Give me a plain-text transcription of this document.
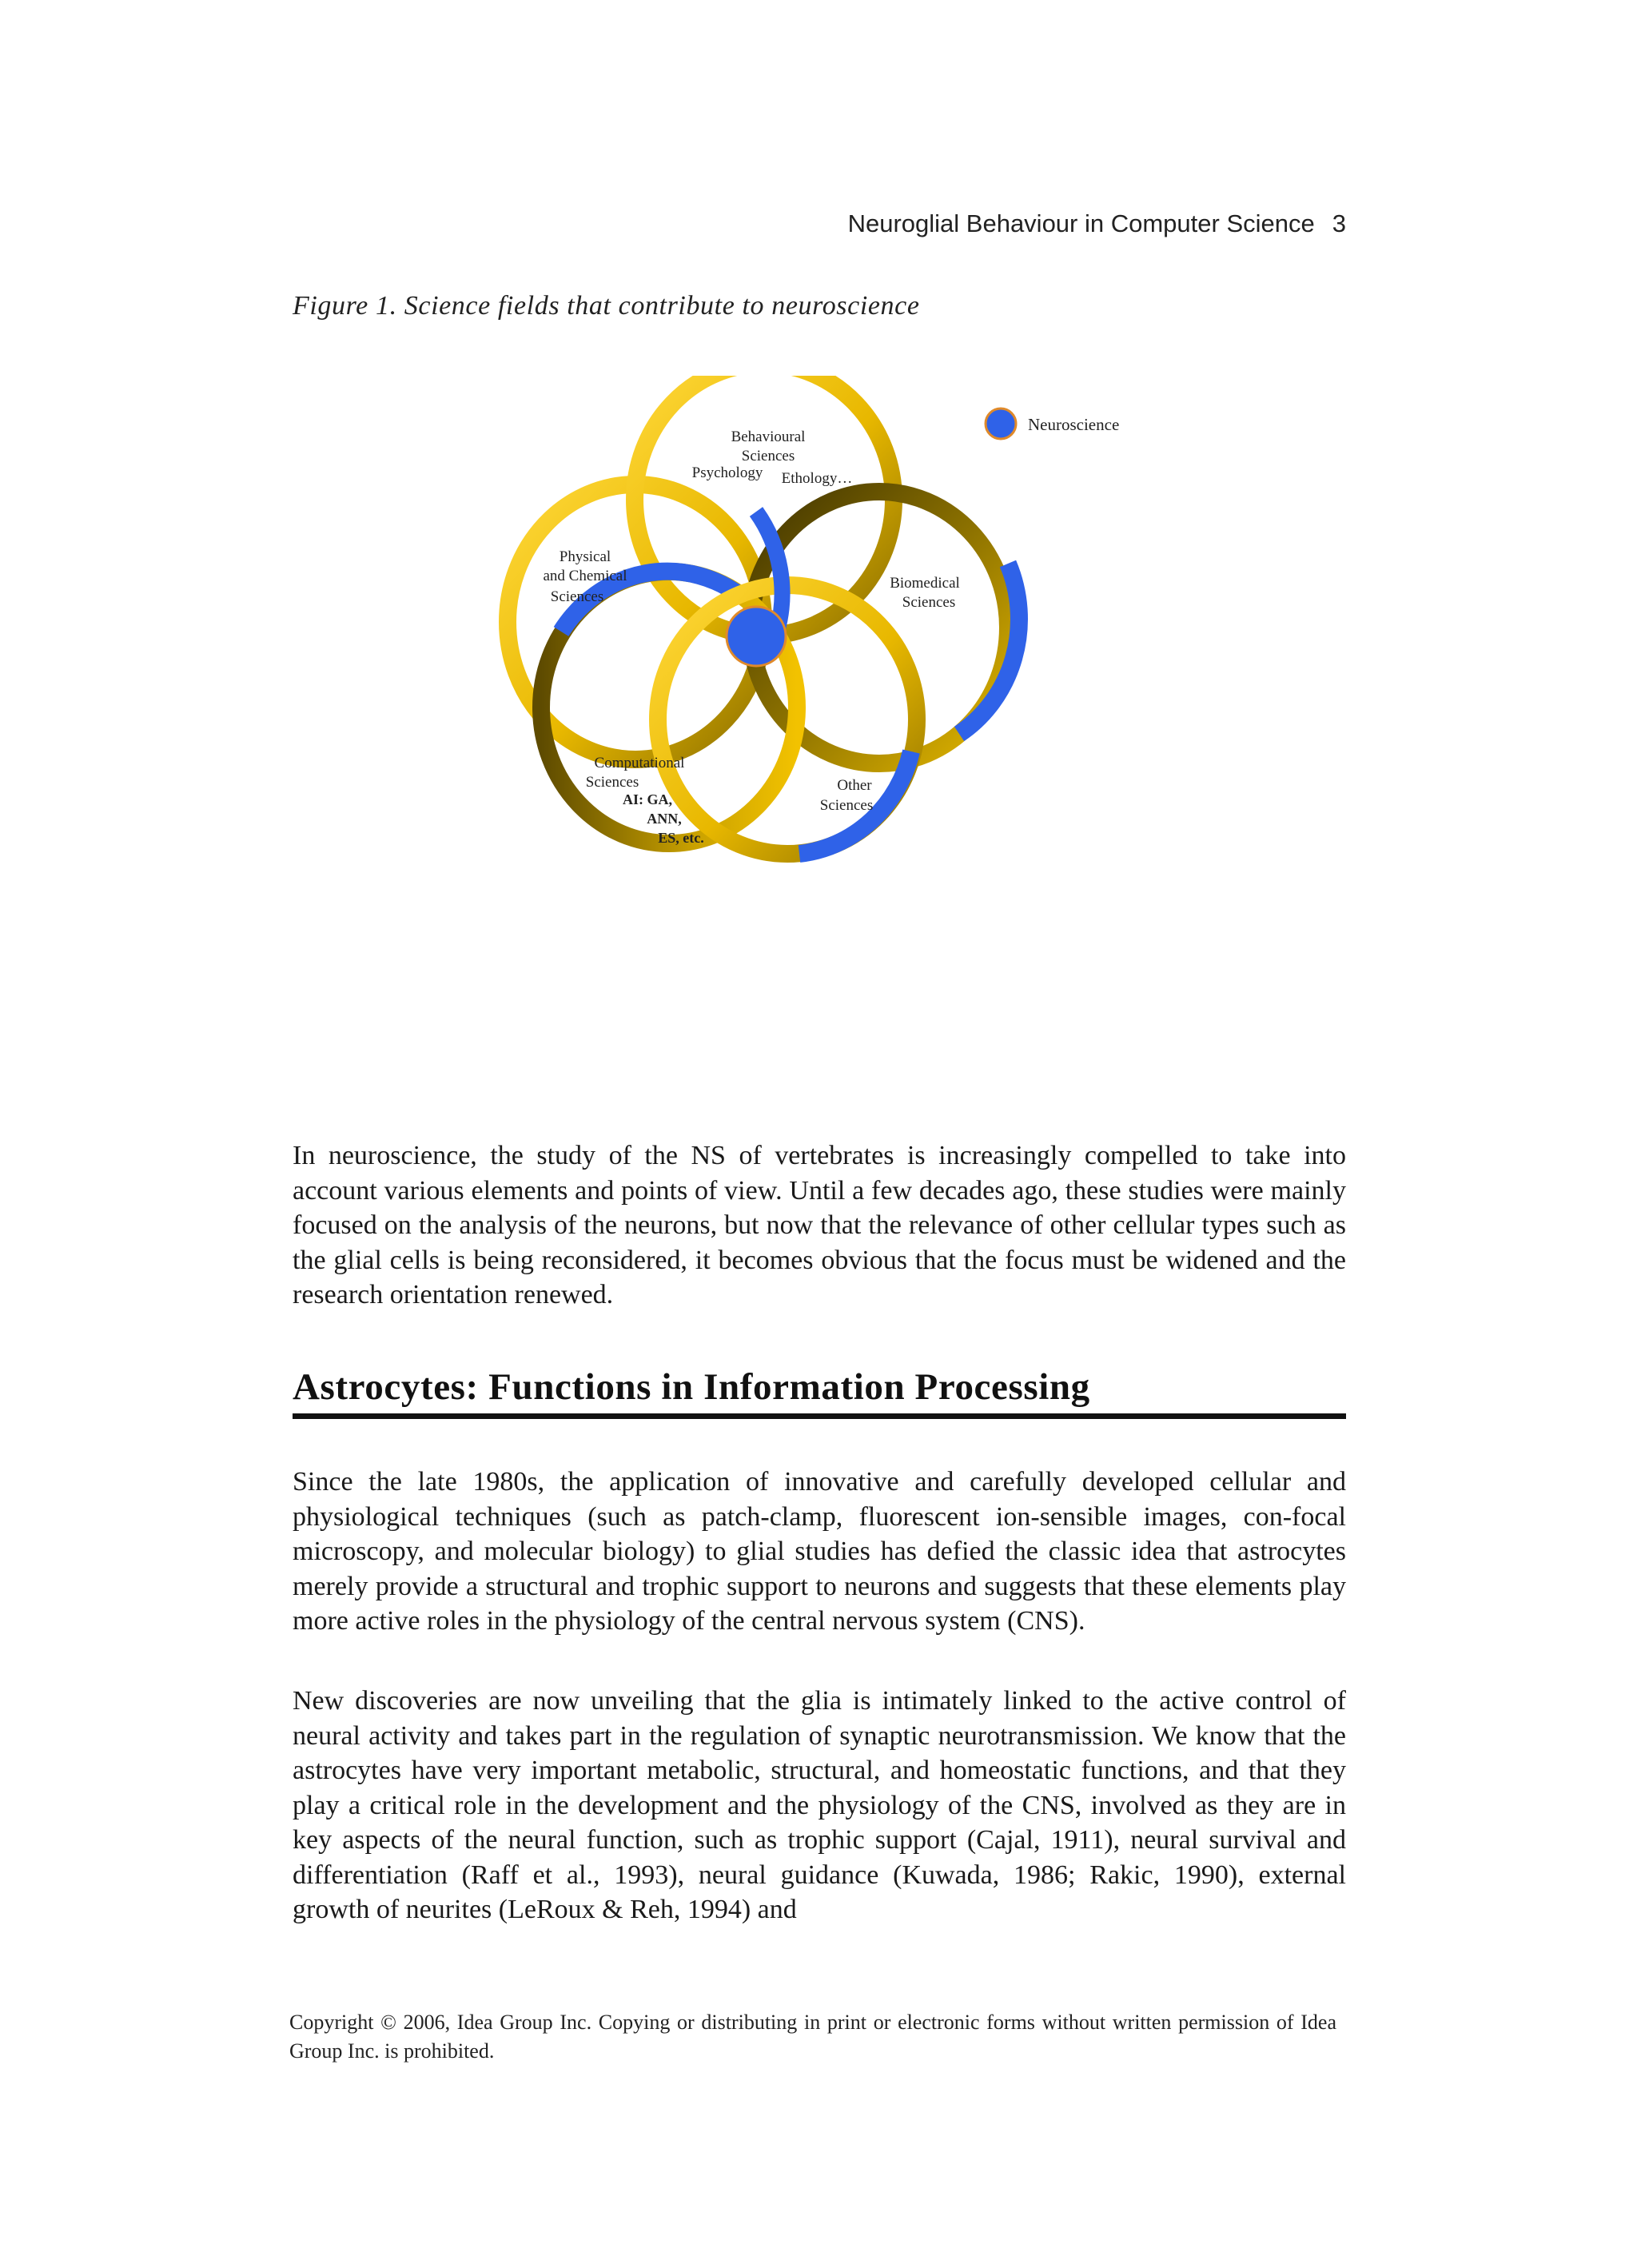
Neuroglial Behaviour in Computer Science 3
Figure 1. Science fields that contribute to neuroscience
Neuroscience
Behavioural
Sciences
Psychology Ethology…
Physical
and Chemical
Sciences
Biomedical
Sciences
Computational
Sciences	Other
Sciences
AI: GA,
ANN,
ES, etc.
In neuroscience, the study of the NS of vertebrates is increasingly compelled to take into account various elements and points of view. Until a few decades ago, these studies were mainly focused on the analysis of the neurons, but now that the relevance of other cellular types such as the glial cells is being reconsidered, it becomes obvious that the focus must be widened and the research orientation renewed.
Astrocytes: Functions in Information Processing
Since the late 1980s, the application of innovative and carefully developed cellular and physiological techniques (such as patch-clamp, fluorescent ion-sensible images, con-focal microscopy, and molecular biology) to glial studies has defied the classic idea that astrocytes merely provide a structural and trophic support to neurons and suggests that these elements play more active roles in the physiology of the central nervous system (CNS).
New discoveries are now unveiling that the glia is intimately linked to the active control of neural activity and takes part in the regulation of synaptic neurotransmission. We know that the astrocytes have very important metabolic, structural, and homeostatic functions, and that they play a critical role in the development and the physiology of the CNS, involved as they are in key aspects of the neural function, such as trophic support (Cajal, 1911), neural survival and differentiation (Raff et al., 1993), neural guidance (Kuwada, 1986; Rakic, 1990), external growth of neurites (LeRoux & Reh, 1994) and
Copyright © 2006, Idea Group Inc. Copying or distributing in print or electronic forms without written permission of Idea Group Inc. is prohibited.
